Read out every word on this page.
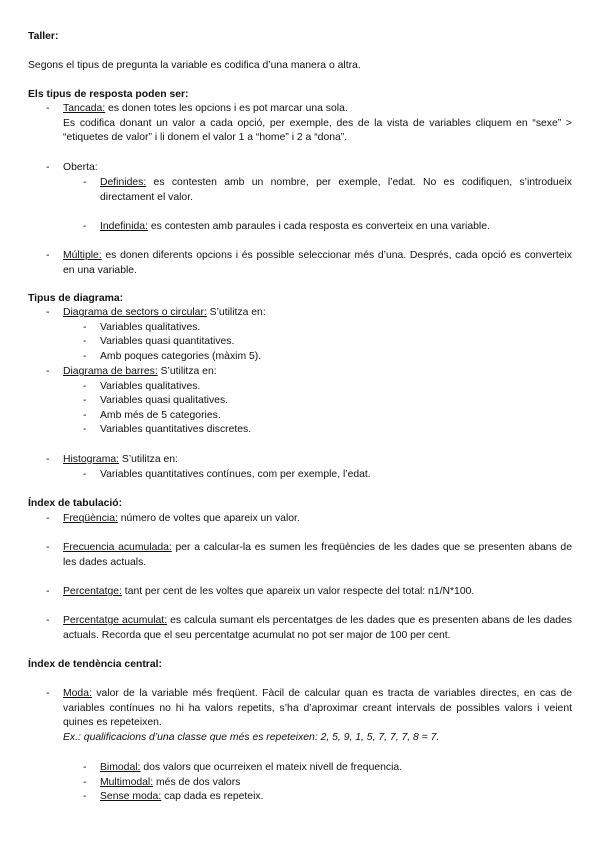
Taller:
Segons el tipus de pregunta la variable es codifica d’una manera o altra.
Els tipus de resposta poden ser:
- Tancada: es donen totes les opcions i es pot marcar una sola.
Es codifica donant un valor a cada opció, per exemple, des de la vista de variables cliquem en “sexe” > “etiquetes de valor” i li donem el valor 1 a “home” i 2 a “dona”.
- Oberta:
- Definides: es contesten amb un nombre, per exemple, l’edat. No es codifiquen, s’introdueix directament el valor.
- Indefinida: es contesten amb paraules i cada resposta es converteix en una variable.
- Múltiple: es donen diferents opcions i és possible seleccionar més d’una. Després, cada opció es converteix en una variable.
Tipus de diagrama:
- Diagrama de sectors o circular: S’utilitza en:
- Variables qualitatives.
- Variables quasi quantitatives.
- Amb poques categories (màxim 5).
- Diagrama de barres: S’utilitza en:
- Variables qualitatives.
- Variables quasi qualitatives.
- Amb més de 5 categories.
- Variables quantitatives discretes.
- Histograma: S’utilitza en:
- Variables quantitatives contínues, com per exemple, l’edat.
Índex de tabulació:
- Freqüència: número de voltes que apareix un valor.
- Frecuencia acumulada: per a calcular-la es sumen les freqüències de les dades que se presenten abans de les dades actuals.
- Percentatge: tant per cent de les voltes que apareix un valor respecte del total: n1/N*100.
- Percentatge acumulat: es calcula sumant els percentatges de les dades que es presenten abans de les dades actuals. Recorda que el seu percentatge acumulat no pot ser major de 100 per cent.
Índex de tendència central:
- Moda: valor de la variable més freqüent. Fàcil de calcular quan es tracta de variables directes, en cas de variables contínues no hi ha valors repetits, s’ha d’aproximar creant intervals de possibles valors i veient quines es repeteixen.
Ex.: qualificacions d’una classe que més es repeteixen: 2, 5, 9, 1, 5, 7, 7, 7, 8 = 7.
- Bimodal: dos valors que ocurreixen el mateix nivell de frequencia.
- Multimodal: més de dos valors
- Sense moda: cap dada es repeteix.
